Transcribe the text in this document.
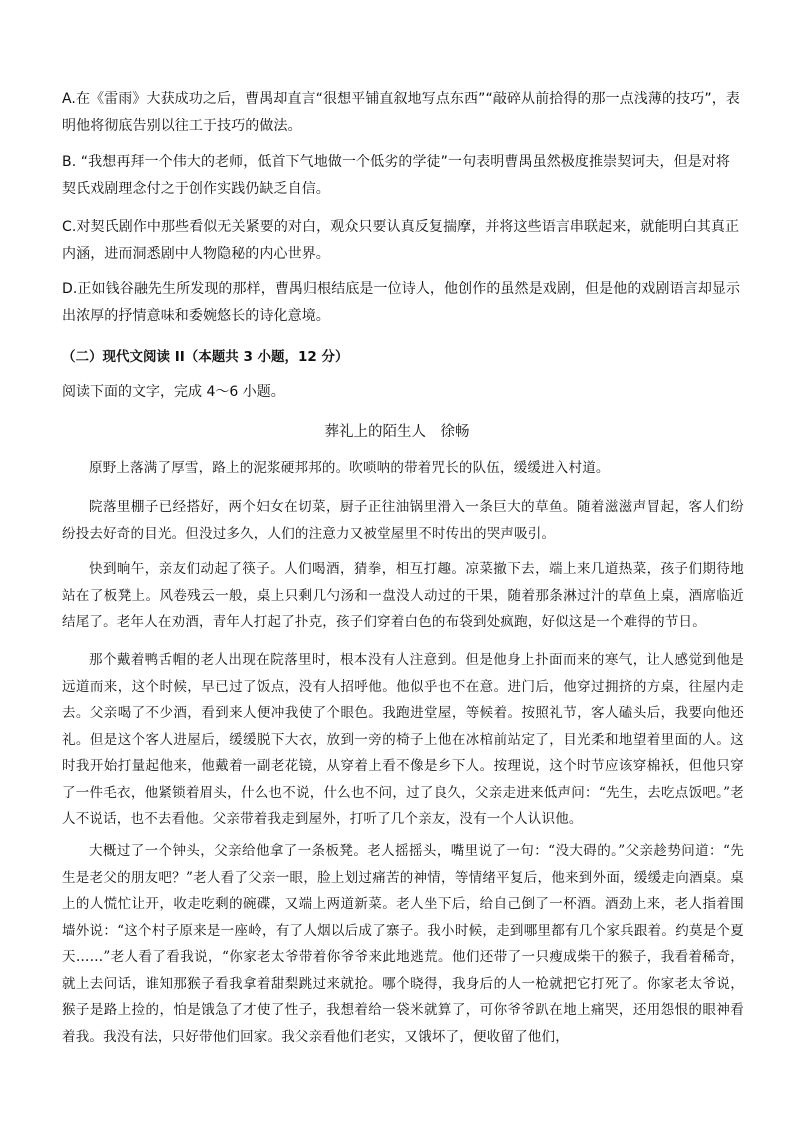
A.在《雷雨》大获成功之后，曹禺却直言“很想平铺直叙地写点东西”“敲碎从前拾得的那一点浅薄的技巧”，表明他将彻底告别以往工于技巧的做法。
B. “我想再拜一个伟大的老师，低首下气地做一个低劣的学徒”一句表明曹禺虽然极度推崇契诃夫，但是对将契氏戏剧理念付之于创作实践仍缺乏自信。
C.对契氏剧作中那些看似无关紧要的对白，观众只要认真反复揣摩，并将这些语言串联起来，就能明白其真正内涵，进而洞悉剧中人物隐秘的内心世界。
D.正如钱谷融先生所发现的那样，曹禺归根结底是一位诗人，他创作的虽然是戏剧，但是他的戏剧语言却显示出浓厚的抒情意味和委婉悠长的诗化意境。
（二）现代文阅读 II（本题共 3 小题，12 分）
阅读下面的文字，完成 4～6 小题。
葬礼上的陌生人　徐畅
原野上落满了厚雪，路上的泥浆硬邦邦的。吹唢呐的带着咒长的队伍，缓缓进入村道。
院落里棚子已经搭好，两个妇女在切菜，厨子正往油锅里滑入一条巨大的草鱼。随着滋滋声冒起，客人们纷纷投去好奇的目光。但没过多久，人们的注意力又被堂屋里不时传出的哭声吸引。
快到晌午，亲友们动起了筷子。人们喝酒，猜拳，相互打趣。凉菜撤下去，端上来几道热菜，孩子们期待地站在了板凳上。风卷残云一般，桌上只剩几勺汤和一盘没人动过的干果，随着那条淋过汁的草鱼上桌，酒席临近结尾了。老年人在劝酒，青年人打起了扑克，孩子们穿着白色的布袋到处疯跑，好似这是一个难得的节日。
那个戴着鸭舌帽的老人出现在院落里时，根本没有人注意到。但是他身上扑面而来的寒气，让人感觉到他是远道而来，这个时候，早已过了饭点，没有人招呼他。他似乎也不在意。进门后，他穿过拥挤的方桌，往屋内走去。父亲喝了不少酒，看到来人便冲我使了个眼色。我跑进堂屋，等候着。按照礼节，客人磕头后，我要向他还礼。但是这个客人进屋后，缓缓脱下大衣，放到一旁的椅子上他在冰棺前站定了，目光柔和地望着里面的人。这时我开始打量起他来，他戴着一副老花镜，从穿着上看不像是乡下人。按理说，这个时节应该穿棉袄，但他只穿了一件毛衣，他紧锁着眉头，什么也不说，什么也不问，过了良久，父亲走进来低声问：“先生，去吃点饭吧。”老人不说话，也不去看他。父亲带着我走到屋外，打听了几个亲友，没有一个人认识他。
大概过了一个钟头，父亲给他拿了一条板凳。老人摇摇头，嘴里说了一句：“没大碍的。”父亲趁势问道：“先生是老父的朋友吧？”老人看了父亲一眼，脸上划过痛苦的神情，等情绪平复后，他来到外面，缓缓走向酒桌。桌上的人慌忙让开，收走吃剩的碗碟，又端上两道新菜。老人坐下后，给自己倒了一杯酒。酒劲上来，老人指着围墙外说：“这个村子原来是一座岭，有了人烟以后成了寨子。我小时候，走到哪里都有几个家兵跟着。约莫是个夏天……”老人看了看我说，“你家老太爷带着你爷爷来此地逃荒。他们还带了一只瘦成柴干的猴子，我看着稀奇，就上去问话，谁知那猴子看我拿着甜梨跳过来就抢。哪个晓得，我身后的人一枪就把它打死了。你家老太爷说，猴子是路上捡的，怕是饿急了才使了性子，我想着给一袋米就算了，可你爷爷趴在地上痛哭，还用怨恨的眼神看着我。我没有法，只好带他们回家。我父亲看他们老实，又饿坏了，便收留了他们，
